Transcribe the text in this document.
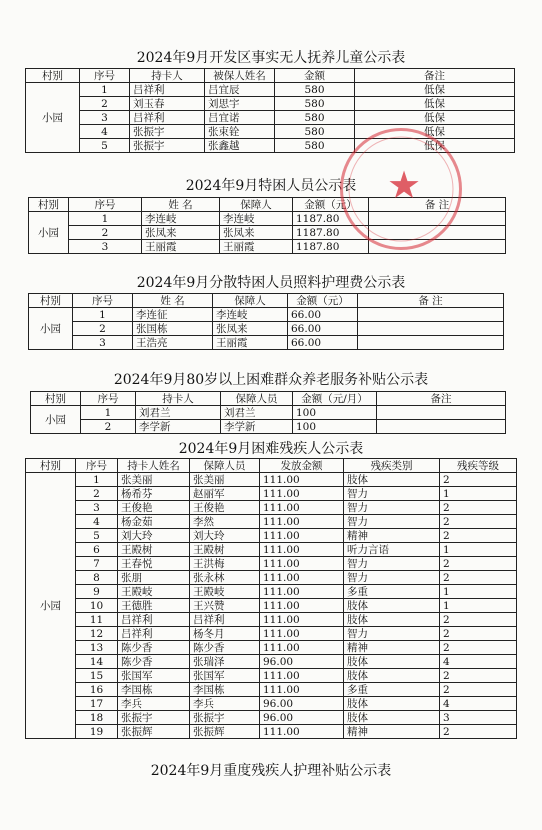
2024年9月开发区事实无人抚养儿童公示表
村别	序号	持卡人	被保人姓名	金额	备注
小园	1	吕祥利	吕宜辰	580	低保
	2	刘玉春	刘思宇	580	低保
	3	吕祥利	吕宜诺	580	低保
	4	张振宇	张束铨	580	低保
	5	张振宇	张鑫越	580	低保
2024年9月特困人员公示表
村别	序号	姓 名	保障人	金额（元）	备 注
小园	1	李连岐	李连岐	1187.80	
	2	张凤来	张凤来	1187.80	
	3	王丽霞	王丽霞	1187.80	
2024年9月分散特困人员照料护理费公示表
村别	序号	姓 名	保障人	金额（元）	备 注
小园	1	李连征	李连岐	66.00	
	2	张国栋	张凤来	66.00	
	3	王浩亮	王丽霞	66.00	
2024年9月80岁以上困难群众养老服务补贴公示表
村别	序号	持卡人	保障人员	金额（元/月）	备注
小园	1	刘君兰	刘君兰	100	
	2	李学新	李学新	100	
2024年9月困难残疾人公示表
村别	序号	持卡人姓名	保障人员	发放金额	残疾类别	残疾等级
小园	1	张美丽	张美丽	111.00	肢体	2
	2	杨希芬	赵丽军	111.00	智力	1
	3	王俊艳	王俊艳	111.00	智力	2
	4	杨金茹	李然	111.00	智力	2
	5	刘大玲	刘大玲	111.00	精神	2
	6	王殿树	王殿树	111.00	听力言语	1
	7	王春悦	王洪梅	111.00	智力	2
	8	张朋	张永林	111.00	智力	2
	9	王殿岐	王殿岐	111.00	多重	1
	10	王德胜	王兴赞	111.00	肢体	1
	11	吕祥利	吕祥利	111.00	肢体	2
	12	吕祥利	杨冬月	111.00	智力	2
	13	陈少香	陈少香	111.00	精神	2
	14	陈少香	张瑞泽	96.00	肢体	4
	15	张国军	张国军	111.00	肢体	2
	16	李国栋	李国栋	111.00	多重	2
	17	李兵	李兵	96.00	肢体	4
	18	张振宇	张振宇	96.00	肢体	3
	19	张振辉	张振辉	111.00	精神	2
2024年9月重度残疾人护理补贴公示表
★
